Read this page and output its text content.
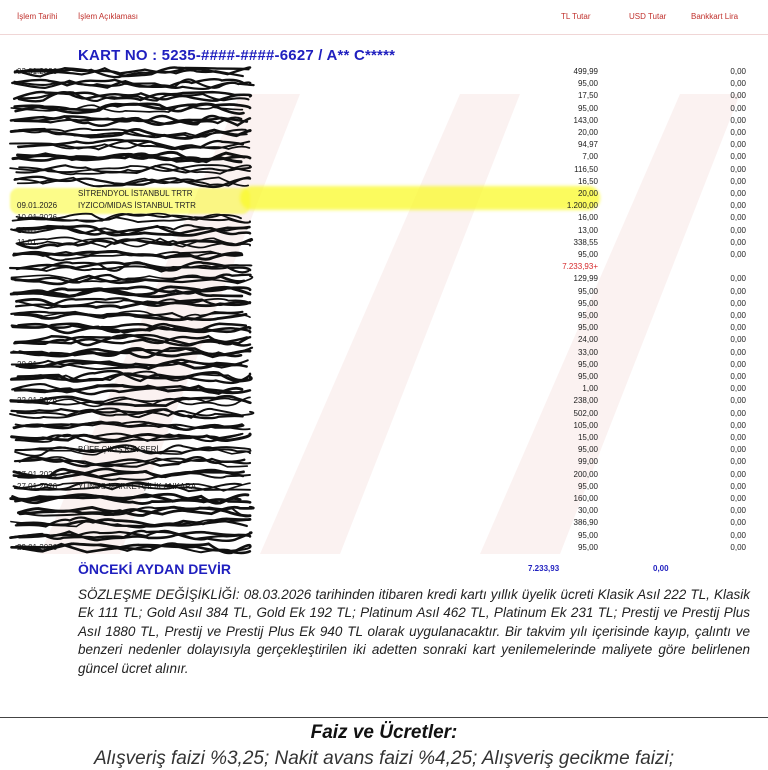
İşlem Tarihi	İşlem Açıklaması	TL Tutar	USD Tutar	Bankkart Lira
KART NO : 5235-####-####-6627 / A** C*****
03.01.2026	499,99	0,00
95,00	0,00
17,50	0,00
95,00	0,00
143,00	0,00
20,00	0,00
94,97	0,00
7,00	0,00
116,50	0,00
16,50	0,00
SİTRENDYOL İSTANBUL TRTR	20,00	0,00
09.01.2026	IYZICO/MIDAS İSTANBUL TRTR	1.200,00	0,00
10.01.2026	16,00	0,00
10.01.	13,00	0,00
11.01.	338,55	0,00
95,00	0,00
7.233,93+
129,99	0,00
95,00	0,00
95,00	0,00
95,00	0,00
95,00	0,00
24,00	0,00
33,00	0,00
20.01.	95,00	0,00
95,00	0,00
1,00	0,00
22.01.2026	238,00	0,00
502,00	0,00
105,00	0,00
15,00	0,00
BÜFE ÇIKIŞ KAYSERİ	95,00	0,00
99,00	0,00
27.01.2026	200,00	0,00
27.01.2026	YUNUS MARKETÇİLİK ANKARA	95,00	0,00
160,00	0,00
30,00	0,00
386,90	0,00
95,00	0,00
29.01.2026	95,00	0,00
ÖNCEKİ AYDAN DEVİR	7.233,93	0,00
SÖZLEŞME DEĞİŞİKLİĞİ: 08.03.2026 tarihinden itibaren kredi kartı yıllık üyelik ücreti Klasik Asıl 222 TL, Klasik Ek 111 TL; Gold Asıl 384 TL, Gold Ek 192 TL; Platinum Asıl 462 TL, Platinum Ek 231 TL; Prestij ve Prestij Plus Asıl 1880 TL, Prestij ve Prestij Plus Ek 940 TL olarak uygulanacaktır. Bir takvim yılı içerisinde kayıp, çalıntı ve benzeri nedenler dolayısıyla gerçekleştirilen iki adetten sonraki kart yenilemelerinde maliyete göre belirlenen güncel ücret alınır.
Faiz ve Ücretler:
Alışveriş faizi %3,25; Nakit avans faizi %4,25; Alışveriş gecikme faizi;
